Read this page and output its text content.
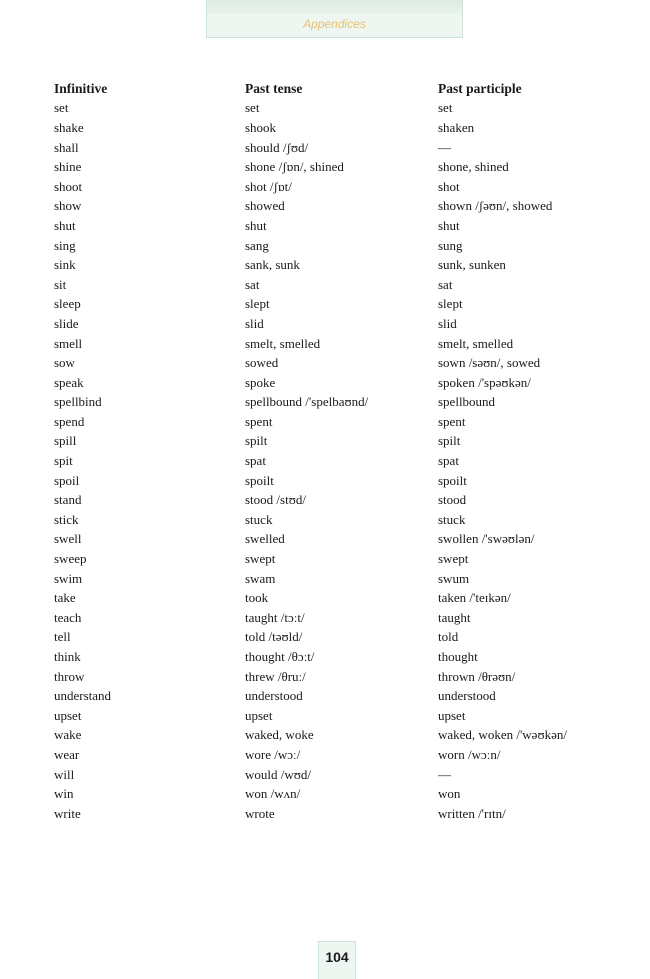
Appendices
Infinitive	Past tense	Past participle
set	set	set
shake	shook	shaken
shall	should /ʃʊd/	—
shine	shone /ʃɒn/, shined	shone, shined
shoot	shot /ʃɒt/	shot
show	showed	shown /ʃəʊn/, showed
shut	shut	shut
sing	sang	sung
sink	sank, sunk	sunk, sunken
sit	sat	sat
sleep	slept	slept
slide	slid	slid
smell	smelt, smelled	smelt, smelled
sow	sowed	sown /səʊn/, sowed
speak	spoke	spoken /'spəʊkən/
spellbind	spellbound /'spelbaʊnd/	spellbound
spend	spent	spent
spill	spilt	spilt
spit	spat	spat
spoil	spoilt	spoilt
stand	stood /stʊd/	stood
stick	stuck	stuck
swell	swelled	swollen /'swəʊlən/
sweep	swept	swept
swim	swam	swum
take	took	taken /'teɪkən/
teach	taught /tɔːt/	taught
tell	told /təʊld/	told
think	thought /θɔːt/	thought
throw	threw /θruː/	thrown /θrəʊn/
understand	understood	understood
upset	upset	upset
wake	waked, woke	waked, woken /'wəʊkən/
wear	wore /wɔː/	worn /wɔːn/
will	would /wʊd/	—
win	won /wʌn/	won
write	wrote	written /'rɪtn/
104
